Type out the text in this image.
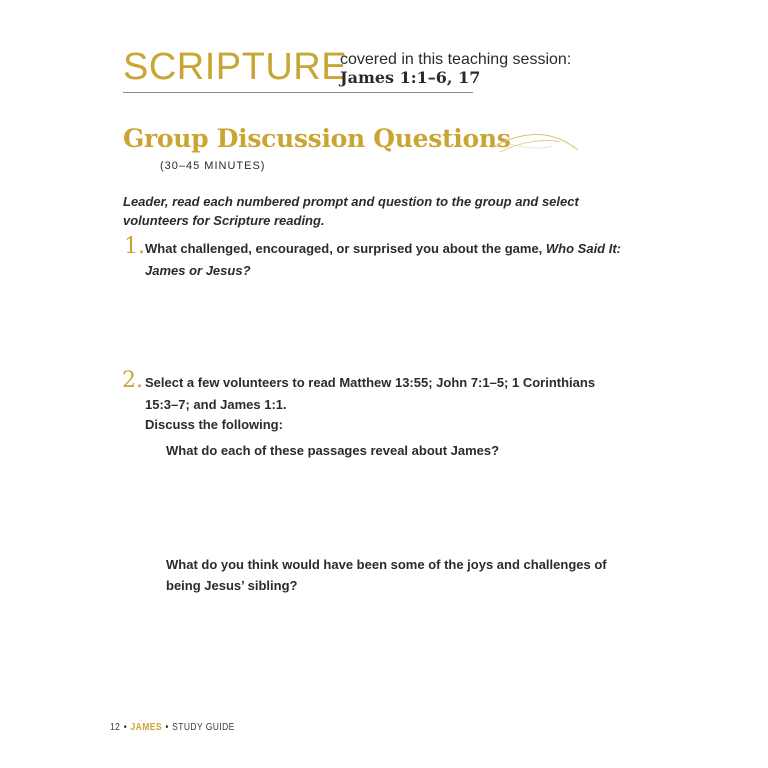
SCRIPTURE
covered in this teaching session:
James 1:1–6, 17
Group Discussion Questions
(30–45 MINUTES)
Leader, read each numbered prompt and question to the group and select volunteers for Scripture reading.
1. What challenged, encouraged, or surprised you about the game, Who Said It: James or Jesus?
2. Select a few volunteers to read Matthew 13:55; John 7:1–5; 1 Corinthians 15:3–7; and James 1:1.
Discuss the following:
What do each of these passages reveal about James?
What do you think would have been some of the joys and challenges of being Jesus’ sibling?
12 • JAMES • STUDY GUIDE
